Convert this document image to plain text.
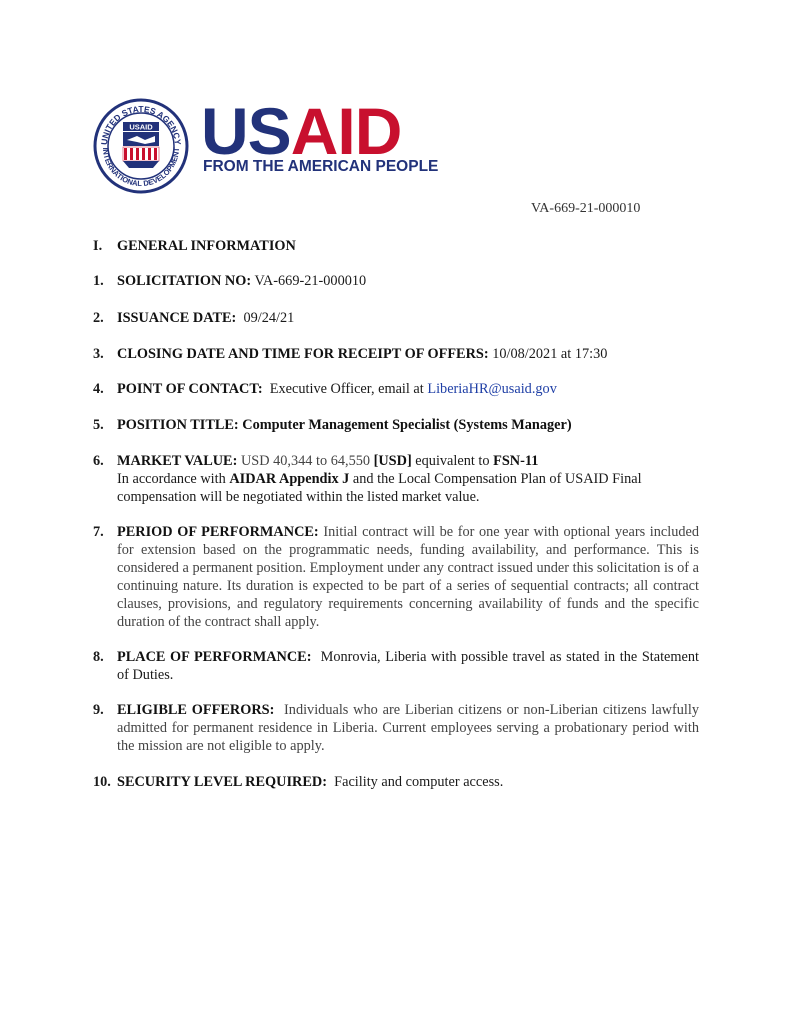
UNITED STATES AGENCY
INTERNATIONAL DEVELOPMENT
USAID USAID
FROM THE AMERICAN PEOPLE
VA-669-21-000010
I. GENERAL INFORMATION
1. SOLICITATION NO: VA-669-21-000010
2. ISSUANCE DATE: 09/24/21
3. CLOSING DATE AND TIME FOR RECEIPT OF OFFERS: 10/08/2021 at 17:30
4. POINT OF CONTACT: Executive Officer, email at LiberiaHR@usaid.gov
5. POSITION TITLE: Computer Management Specialist (Systems Manager)
6. MARKET VALUE: USD 40,344 to 64,550 [USD] equivalent to FSN-11
In accordance with AIDAR Appendix J and the Local Compensation Plan of USAID Final compensation will be negotiated within the listed market value.
7. PERIOD OF PERFORMANCE: Initial contract will be for one year with optional years included for extension based on the programmatic needs, funding availability, and performance. This is considered a permanent position. Employment under any contract issued under this solicitation is of a continuing nature. Its duration is expected to be part of a series of sequential contracts; all contract clauses, provisions, and regulatory requirements concerning availability of funds and the specific duration of the contract shall apply.
8. PLACE OF PERFORMANCE: Monrovia, Liberia with possible travel as stated in the Statement of Duties.
9. ELIGIBLE OFFERORS: Individuals who are Liberian citizens or non-Liberian citizens lawfully admitted for permanent residence in Liberia. Current employees serving a probationary period with the mission are not eligible to apply.
10. SECURITY LEVEL REQUIRED: Facility and computer access.
